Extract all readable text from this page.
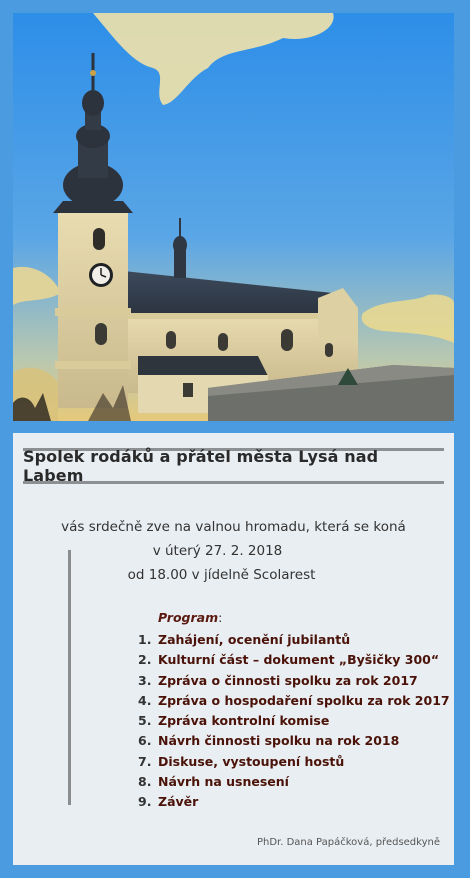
Spolek rodáků a přátel města Lysá nad Labem
vás srdečně zve na valnou hromadu, která se koná
v úterý 27. 2. 2018
od 18.00 v jídelně Scolarest
Program:
1. Zahájení, ocenění jubilantů
2. Kulturní část – dokument „Byšičky 300“
3. Zpráva o činnosti spolku za rok 2017
4. Zpráva o hospodaření spolku za rok 2017
5. Zpráva kontrolní komise
6. Návrh činnosti spolku na rok 2018
7. Diskuse, vystoupení hostů
8. Návrh na usnesení
9. Závěr
PhDr. Dana Papáčková, předsedkyně
